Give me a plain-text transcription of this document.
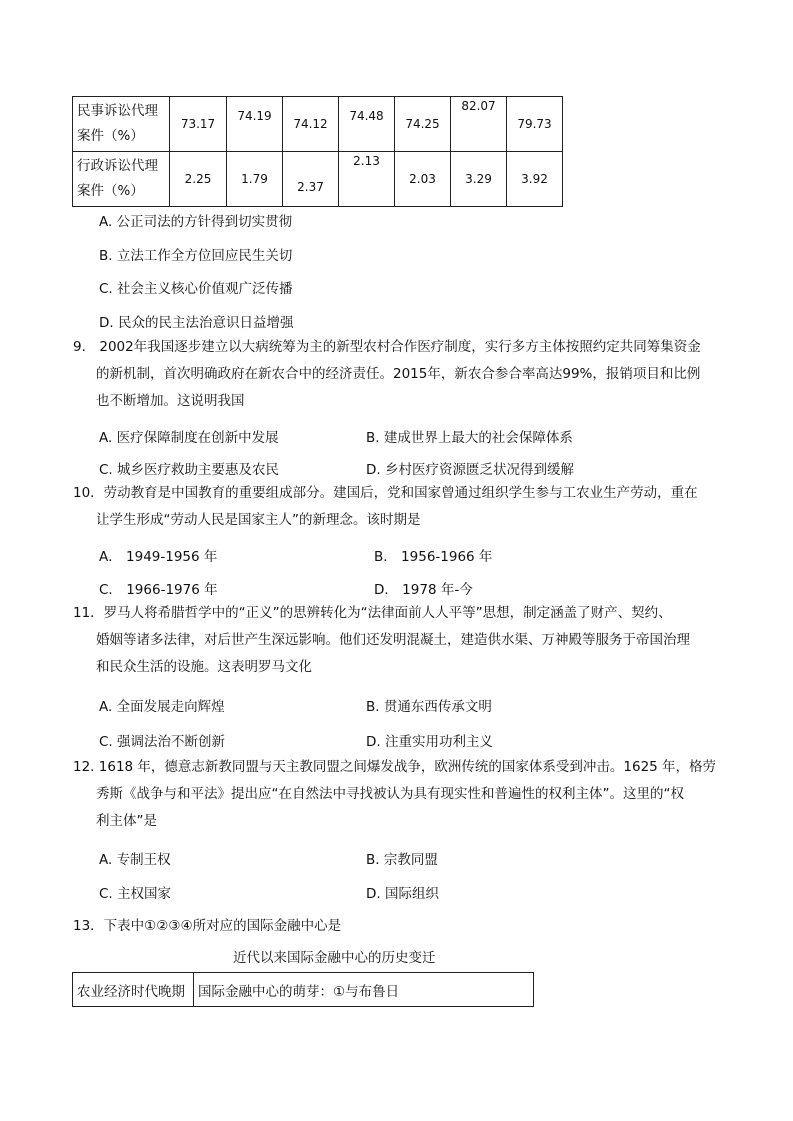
民事诉讼代理
案件（%）	73.17	74.19	74.12	74.48	74.25	82.07	79.73

行政诉讼代理
案件（%）	2.25	1.79	2.37	2.13	2.03	3.29	3.92
A. 公正司法的方针得到切实贯彻
B. 立法工作全方位回应民生关切
C. 社会主义核心价值观广泛传播
D. 民众的民主法治意识日益增强
9． 2002年我国逐步建立以大病统筹为主的新型农村合作医疗制度，实行多方主体按照约定共同筹集资金
的新机制，首次明确政府在新农合中的经济责任。2015年，新农合参合率高达99%，报销项目和比例
也不断增加。这说明我国
A. 医疗保障制度在创新中发展	B. 建成世界上最大的社会保障体系
C. 城乡医疗救助主要惠及农民	D. 乡村医疗资源匮乏状况得到缓解
10．劳动教育是中国教育的重要组成部分。建国后，党和国家曾通过组织学生参与工农业生产劳动，重在
让学生形成“劳动人民是国家主人”的新理念。该时期是
A． 1949-1956 年	B． 1956-1966 年
C． 1966-1976 年	D． 1978 年-今
11．罗马人将希腊哲学中的“正义”的思辨转化为“法律面前人人平等”思想，制定涵盖了财产、契约、
婚姻等诸多法律，对后世产生深远影响。他们还发明混凝土，建造供水渠、万神殿等服务于帝国治理
和民众生活的设施。这表明罗马文化
A. 全面发展走向辉煌	B. 贯通东西传承文明
C. 强调法治不断创新	D. 注重实用功利主义
12. 1618 年，德意志新教同盟与天主教同盟之间爆发战争，欧洲传统的国家体系受到冲击。1625 年，格劳
秀斯《战争与和平法》提出应“在自然法中寻找被认为具有现实性和普遍性的权利主体”。这里的“权
利主体”是
A. 专制王权	B. 宗教同盟
C. 主权国家	D. 国际组织
13．下表中①②③④所对应的国际金融中心是
近代以来国际金融中心的历史变迁
农业经济时代晚期	国际金融中心的萌芽：①与布鲁日
